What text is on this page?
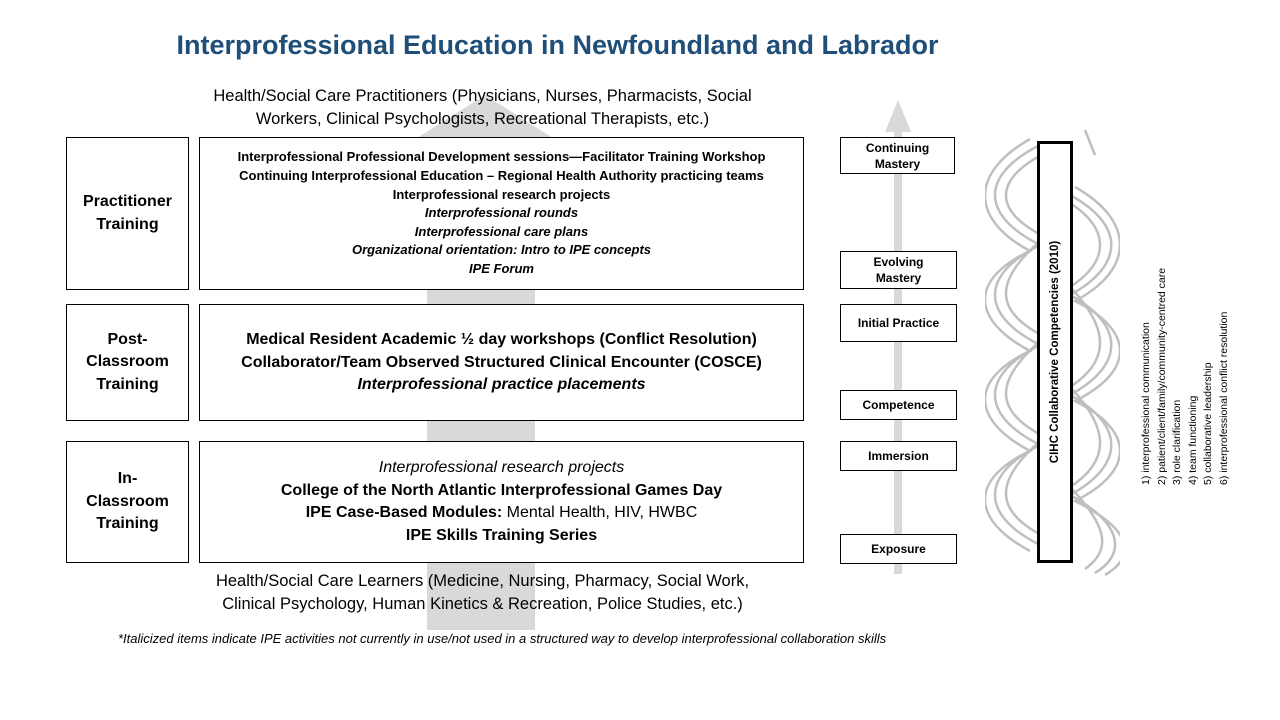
Interprofessional Education in Newfoundland and Labrador
Health/Social Care Practitioners (Physicians, Nurses, Pharmacists, Social
Workers, Clinical Psychologists, Recreational Therapists, etc.)
Practitioner
Training
Interprofessional Professional Development sessions—Facilitator Training Workshop
Continuing Interprofessional Education – Regional Health Authority practicing teams
Interprofessional research projects
Interprofessional rounds
Interprofessional care plans
Organizational orientation: Intro to IPE concepts
IPE Forum
Post-
Classroom
Training
Medical Resident Academic ½ day workshops (Conflict Resolution)
Collaborator/Team Observed Structured Clinical Encounter (COSCE)
Interprofessional practice placements
In-
Classroom
Training
Interprofessional research projects
College of the North Atlantic Interprofessional Games Day
IPE Case-Based Modules: Mental Health, HIV, HWBC
IPE Skills Training Series
Health/Social Care Learners (Medicine, Nursing, Pharmacy, Social Work,
Clinical Psychology, Human Kinetics & Recreation, Police Studies, etc.)
Continuing
Mastery
Evolving
Mastery
Initial Practice
Competence
Immersion
Exposure
CIHC Collaborative Competencies (2010)	1) interprofessional communication 2) patient/client/family/community-centred care 3) role clarification 4) team functioning 5) collaborative leadership 6) interprofessional conflict resolution
*Italicized items indicate IPE activities not currently in use/not used in a structured way to develop interprofessional collaboration skills
